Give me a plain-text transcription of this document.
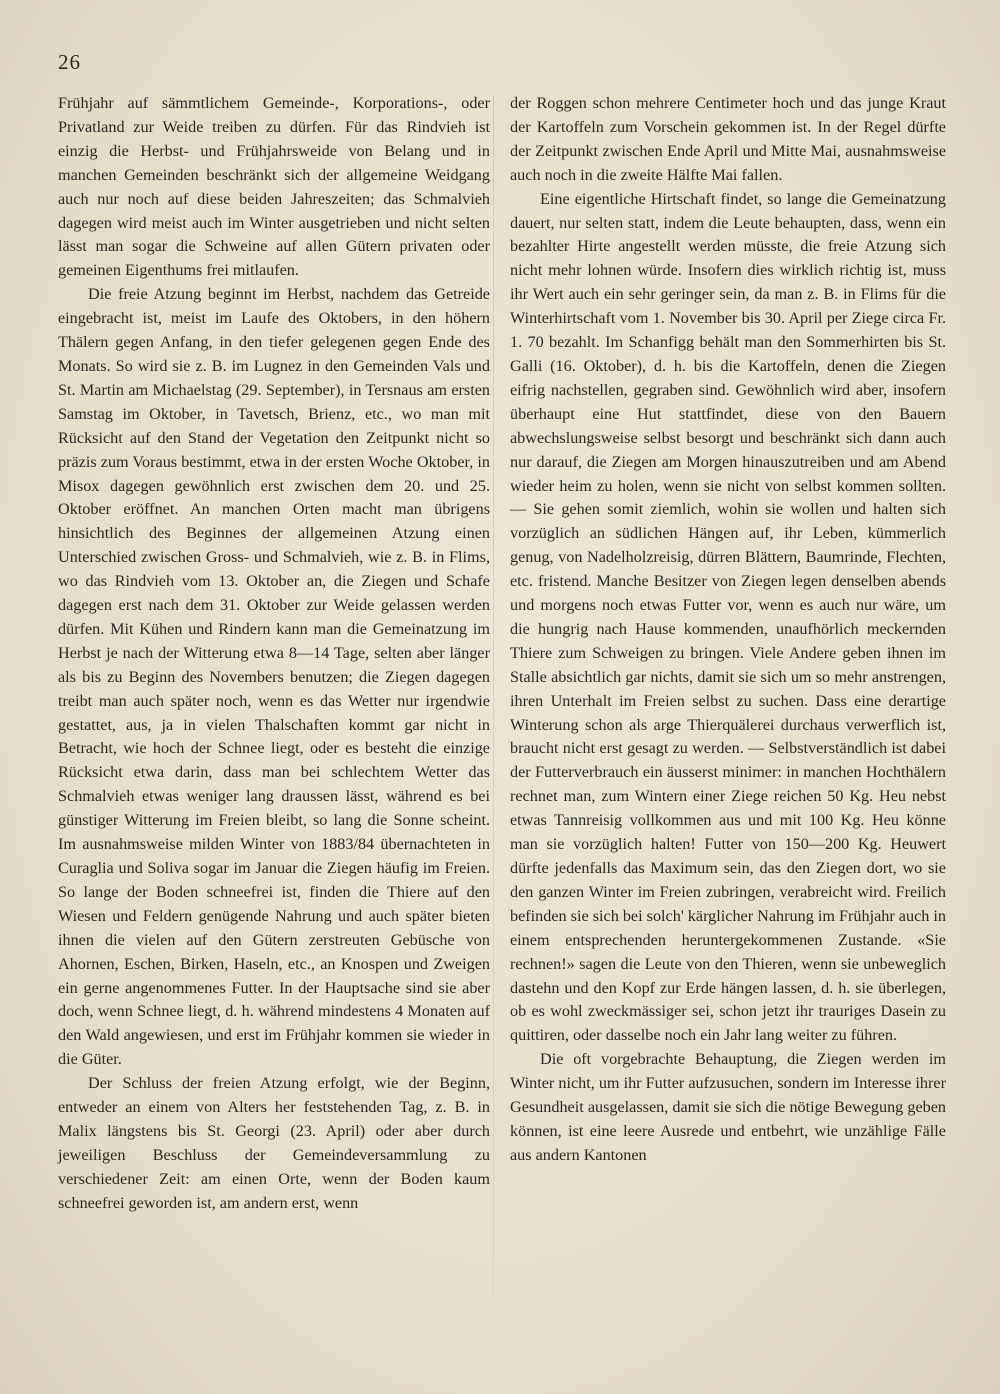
26

Frühjahr auf sämmtlichem Gemeinde-, Korporations-, oder Privatland zur Weide treiben zu dürfen. Für das Rindvieh ist einzig die Herbst- und Frühjahrsweide von Belang und in manchen Gemeinden beschränkt sich der allgemeine Weidgang auch nur noch auf diese beiden Jahreszeiten; das Schmalvieh dagegen wird meist auch im Winter ausgetrieben und nicht selten lässt man sogar die Schweine auf allen Gütern privaten oder gemeinen Eigenthums frei mitlaufen.

Die freie Atzung beginnt im Herbst, nachdem das Getreide eingebracht ist, meist im Laufe des Oktobers, in den höhern Thälern gegen Anfang, in den tiefer gelegenen gegen Ende des Monats. So wird sie z. B. im Lugnez in den Gemeinden Vals und St. Martin am Michaelstag (29. September), in Tersnaus am ersten Samstag im Oktober, in Tavetsch, Brienz, etc., wo man mit Rücksicht auf den Stand der Vegetation den Zeitpunkt nicht so präzis zum Voraus bestimmt, etwa in der ersten Woche Oktober, in Misox dagegen gewöhnlich erst zwischen dem 20. und 25. Oktober eröffnet. An manchen Orten macht man übrigens hinsichtlich des Beginnes der allgemeinen Atzung einen Unterschied zwischen Gross- und Schmalvieh, wie z. B. in Flims, wo das Rindvieh vom 13. Oktober an, die Ziegen und Schafe dagegen erst nach dem 31. Oktober zur Weide gelassen werden dürfen. Mit Kühen und Rindern kann man die Gemeinatzung im Herbst je nach der Witterung etwa 8—14 Tage, selten aber länger als bis zu Beginn des Novembers benutzen; die Ziegen dagegen treibt man auch später noch, wenn es das Wetter nur irgendwie gestattet, aus, ja in vielen Thalschaften kommt gar nicht in Betracht, wie hoch der Schnee liegt, oder es besteht die einzige Rücksicht etwa darin, dass man bei schlechtem Wetter das Schmalvieh etwas weniger lang draussen lässt, während es bei günstiger Witterung im Freien bleibt, so lang die Sonne scheint. Im ausnahmsweise milden Winter von 1883/84 übernachteten in Curaglia und Soliva sogar im Januar die Ziegen häufig im Freien. So lange der Boden schneefrei ist, finden die Thiere auf den Wiesen und Feldern genügende Nahrung und auch später bieten ihnen die vielen auf den Gütern zerstreuten Gebüsche von Ahornen, Eschen, Birken, Haseln, etc., an Knospen und Zweigen ein gerne angenommenes Futter. In der Hauptsache sind sie aber doch, wenn Schnee liegt, d. h. während mindestens 4 Monaten auf den Wald angewiesen, und erst im Frühjahr kommen sie wieder in die Güter.

Der Schluss der freien Atzung erfolgt, wie der Beginn, entweder an einem von Alters her feststehenden Tag, z. B. in Malix längstens bis St. Georgi (23. April) oder aber durch jeweiligen Beschluss der Gemeindeversammlung zu verschiedener Zeit: am einen Orte, wenn der Boden kaum schneefrei geworden ist, am andern erst, wenn

der Roggen schon mehrere Centimeter hoch und das junge Kraut der Kartoffeln zum Vorschein gekommen ist. In der Regel dürfte der Zeitpunkt zwischen Ende April und Mitte Mai, ausnahmsweise auch noch in die zweite Hälfte Mai fallen.

Eine eigentliche Hirtschaft findet, so lange die Gemeinatzung dauert, nur selten statt, indem die Leute behaupten, dass, wenn ein bezahlter Hirte angestellt werden müsste, die freie Atzung sich nicht mehr lohnen würde. Insofern dies wirklich richtig ist, muss ihr Wert auch ein sehr geringer sein, da man z. B. in Flims für die Winterhirtschaft vom 1. November bis 30. April per Ziege circa Fr. 1. 70 bezahlt. Im Schanfigg behält man den Sommerhirten bis St. Galli (16. Oktober), d. h. bis die Kartoffeln, denen die Ziegen eifrig nachstellen, gegraben sind. Gewöhnlich wird aber, insofern überhaupt eine Hut stattfindet, diese von den Bauern abwechslungsweise selbst besorgt und beschränkt sich dann auch nur darauf, die Ziegen am Morgen hinauszutreiben und am Abend wieder heim zu holen, wenn sie nicht von selbst kommen sollten. — Sie gehen somit ziemlich, wohin sie wollen und halten sich vorzüglich an südlichen Hängen auf, ihr Leben, kümmerlich genug, von Nadelholzreisig, dürren Blättern, Baumrinde, Flechten, etc. fristend. Manche Besitzer von Ziegen legen denselben abends und morgens noch etwas Futter vor, wenn es auch nur wäre, um die hungrig nach Hause kommenden, unaufhörlich meckernden Thiere zum Schweigen zu bringen. Viele Andere geben ihnen im Stalle absichtlich gar nichts, damit sie sich um so mehr anstrengen, ihren Unterhalt im Freien selbst zu suchen. Dass eine derartige Winterung schon als arge Thierquälerei durchaus verwerflich ist, braucht nicht erst gesagt zu werden. — Selbstverständlich ist dabei der Futterverbrauch ein äusserst minimer: in manchen Hochthälern rechnet man, zum Wintern einer Ziege reichen 50 Kg. Heu nebst etwas Tannreisig vollkommen aus und mit 100 Kg. Heu könne man sie vorzüglich halten! Futter von 150—200 Kg. Heuwert dürfte jedenfalls das Maximum sein, das den Ziegen dort, wo sie den ganzen Winter im Freien zubringen, verabreicht wird. Freilich befinden sie sich bei solch' kärglicher Nahrung im Frühjahr auch in einem entsprechenden heruntergekommenen Zustande. «Sie rechnen!» sagen die Leute von den Thieren, wenn sie unbeweglich dastehn und den Kopf zur Erde hängen lassen, d. h. sie überlegen, ob es wohl zweckmässiger sei, schon jetzt ihr trauriges Dasein zu quittiren, oder dasselbe noch ein Jahr lang weiter zu führen.

Die oft vorgebrachte Behauptung, die Ziegen werden im Winter nicht, um ihr Futter aufzusuchen, sondern im Interesse ihrer Gesundheit ausgelassen, damit sie sich die nötige Bewegung geben können, ist eine leere Ausrede und entbehrt, wie unzählige Fälle aus andern Kantonen
